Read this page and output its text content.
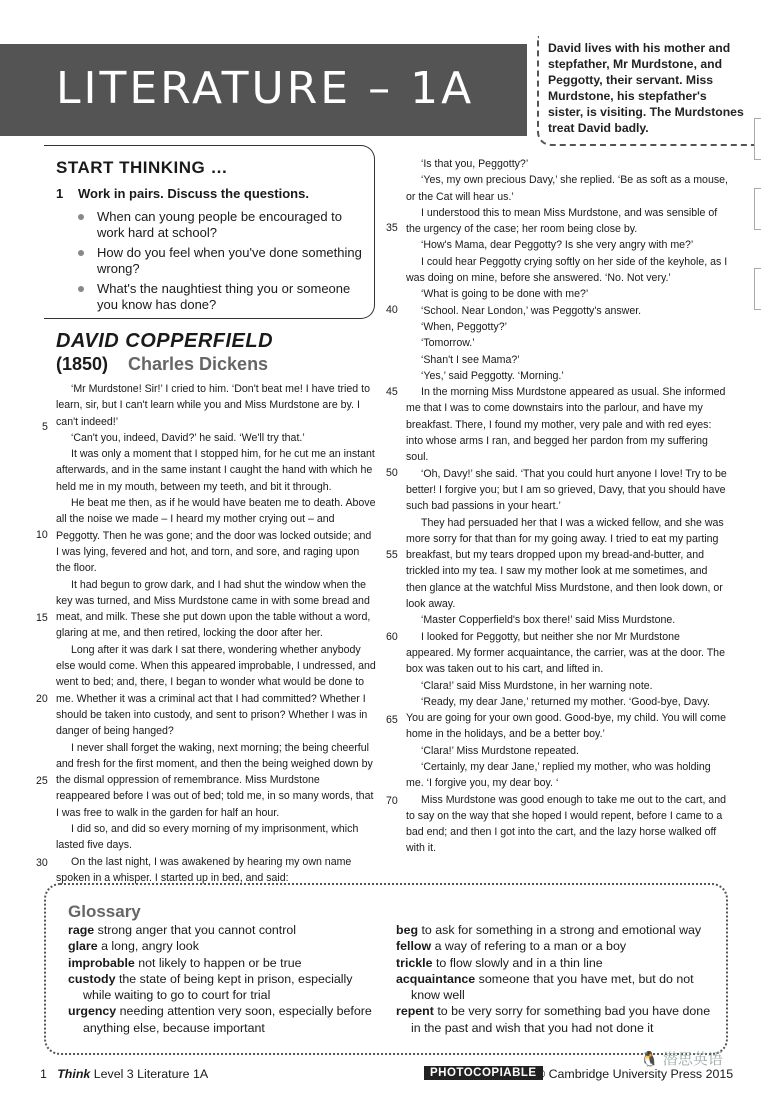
LITERATURE – 1A
David lives with his mother and stepfather, Mr Murdstone, and Peggotty, their servant. Miss Murdstone, his stepfather's sister, is visiting. The Murdstones treat David badly.
START THINKING …
1 Work in pairs. Discuss the questions.
When can young people be encouraged to work hard at school?
How do you feel when you've done something wrong?
What's the naughtiest thing you or someone you know has done?
DAVID COPPERFIELD
(1850) Charles Dickens

‘Mr Murdstone! Sir!’ I cried to him. ‘Don't beat me! I have tried to learn, sir, but I can't learn while you and Miss Murdstone are by. I can't indeed!’

‘Can't you, indeed, David?’ he said. ‘We'll try that.’

It was only a moment that I stopped him, for he cut me an instant afterwards, and in the same instant I caught the hand with which he held me in my mouth, between my teeth, and bit it through.

He beat me then, as if he would have beaten me to death. Above all the noise we made – I heard my mother crying out – and Peggotty. Then he was gone; and the door was locked outside; and I was lying, fevered and hot, and torn, and sore, and raging upon the floor.

It had begun to grow dark, and I had shut the window when the key was turned, and Miss Murdstone came in with some bread and meat, and milk. These she put down upon the table without a word, glaring at me, and then retired, locking the door after her.

Long after it was dark I sat there, wondering whether anybody else would come. When this appeared improbable, I undressed, and went to bed; and, there, I began to wonder what would be done to me. Whether it was a criminal act that I had committed? Whether I should be taken into custody, and sent to prison? Whether I was in danger of being hanged?

I never shall forget the waking, next morning; the being cheerful and fresh for the first moment, and then the being weighed down by the dismal oppression of remembrance. Miss Murdstone reappeared before I was out of bed; told me, in so many words, that I was free to walk in the garden for half an hour.

I did so, and did so every morning of my imprisonment, which lasted five days.

On the last night, I was awakened by hearing my own name spoken in a whisper. I started up in bed, and said:

‘Is that you, Peggotty?’

‘Yes, my own precious Davy,’ she replied. ‘Be as soft as a mouse, or the Cat will hear us.’

I understood this to mean Miss Murdstone, and was sensible of the urgency of the case; her room being close by.

‘How's Mama, dear Peggotty? Is she very angry with me?’

I could hear Peggotty crying softly on her side of the keyhole, as I was doing on mine, before she answered. ‘No. Not very.’

‘What is going to be done with me?’

‘School. Near London,’ was Peggotty's answer.

‘When, Peggotty?’

‘Tomorrow.’

‘Shan't I see Mama?’

‘Yes,’ said Peggotty. ‘Morning.’

In the morning Miss Murdstone appeared as usual. She informed me that I was to come downstairs into the parlour, and have my breakfast. There, I found my mother, very pale and with red eyes: into whose arms I ran, and begged her pardon from my suffering soul.

‘Oh, Davy!’ she said. ‘That you could hurt anyone I love! Try to be better! I forgive you; but I am so grieved, Davy, that you should have such bad passions in your heart.’

They had persuaded her that I was a wicked fellow, and she was more sorry for that than for my going away. I tried to eat my parting breakfast, but my tears dropped upon my bread-and-butter, and trickled into my tea. I saw my mother look at me sometimes, and then glance at the watchful Miss Murdstone, and then look down, or look away.

‘Master Copperfield's box there!’ said Miss Murdstone.

I looked for Peggotty, but neither she nor Mr Murdstone appeared. My former acquaintance, the carrier, was at the door. The box was taken out to his cart, and lifted in.

‘Clara!’ said Miss Murdstone, in her warning note.

‘Ready, my dear Jane,’ returned my mother. ‘Good-bye, Davy. You are going for your own good. Good-bye, my child. You will come home in the holidays, and be a better boy.’

‘Clara!’ Miss Murdstone repeated.

‘Certainly, my dear Jane,’ replied my mother, who was holding me. ‘I forgive you, my dear boy. ‘

Miss Murdstone was good enough to take me out to the cart, and to say on the way that she hoped I would repent, before I came to a bad end; and then I got into the cart, and the lazy horse walked off with it.

5
10
15
20
25
30
35
40
45
50
55
60
65
70
Glossary
rage strong anger that you cannot control
glare a long, angry look
improbable not likely to happen or be true
custody the state of being kept in prison, especially while waiting to go to court for trial
urgency needing attention very soon, especially before anything else, because important
beg to ask for something in a strong and emotional way
fellow a way of refering to a man or a boy
trickle to flow slowly and in a thin line
acquaintance someone that you have met, but do not know well
repent to be very sorry for something bad you have done in the past and wish that you had not done it
1 Think Level 3 Literature 1A	PHOTOCOPIABLE © Cambridge University Press 2015
🐧 潜思英语
